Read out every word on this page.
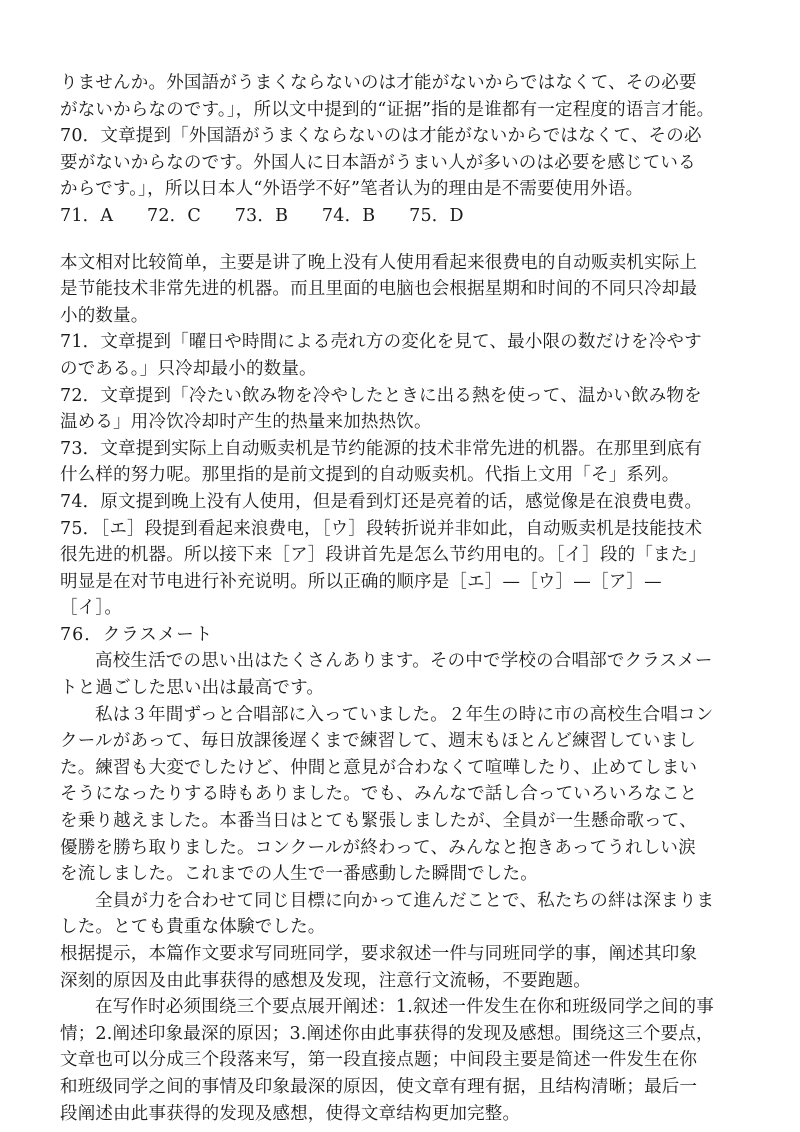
りませんか。外国語がうまくならないのは才能がないからではなくて、その必要

がないからなのです。」，所以文中提到的“证据”指的是谁都有一定程度的语言才能。

70．文章提到「外国語がうまくならないのは才能がないからではなくて、その必

要がないからなのです。外国人に日本語がうまい人が多いのは必要を感じている

からです。」，所以日本人“外语学不好”笔者认为的理由是不需要使用外语。

71．A 72．C 73．B 74．B 75．D

本文相对比较简单，主要是讲了晚上没有人使用看起来很费电的自动贩卖机实际上

是节能技术非常先进的机器。而且里面的电脑也会根据星期和时间的不同只冷却最

小的数量。

71．文章提到「曜日や時間による売れ方の変化を見て、最小限の数だけを冷やす

のである。」只冷却最小的数量。

72．文章提到「冷たい飲み物を冷やしたときに出る熱を使って、温かい飲み物を

温める」用冷饮冷却时产生的热量来加热热饮。

73．文章提到实际上自动贩卖机是节约能源的技术非常先进的机器。在那里到底有

什么样的努力呢。那里指的是前文提到的自动贩卖机。代指上文用「そ」系列。

74．原文提到晚上没有人使用，但是看到灯还是亮着的话，感觉像是在浪费电费。

75．［エ］段提到看起来浪费电，［ウ］段转折说并非如此，自动贩卖机是技能技术

很先进的机器。所以接下来［ア］段讲首先是怎么节约用电的。［イ］段的「また」

明显是在对节电进行补充说明。所以正确的顺序是［エ］—［ウ］—［ア］—

［イ］。

76．クラスメート

高校生活での思い出はたくさんあります。その中で学校の合唱部でクラスメー

トと過ごした思い出は最高です。

私は３年間ずっと合唱部に入っていました。２年生の時に市の高校生合唱コン

クールがあって、毎日放課後遅くまで練習して、週末もほとんど練習していまし

た。練習も大変でしたけど、仲間と意見が合わなくて喧嘩したり、止めてしまい

そうになったりする時もありました。でも、みんなで話し合っていろいろなこと

を乗り越えました。本番当日はとても緊張しましたが、全員が一生懸命歌って、

優勝を勝ち取りました。コンクールが終わって、みんなと抱きあってうれしい涙

を流しました。これまでの人生で一番感動した瞬間でした。

全員が力を合わせて同じ目標に向かって進んだことで、私たちの絆は深まりま

した。とても貴重な体験でした。

根据提示，本篇作文要求写同班同学，要求叙述一件与同班同学的事，阐述其印象

深刻的原因及由此事获得的感想及发现，注意行文流畅，不要跑题。

在写作时必须围绕三个要点展开阐述：1.叙述一件发生在你和班级同学之间的事

情；2.阐述印象最深的原因；3.阐述你由此事获得的发现及感想。围绕这三个要点，

文章也可以分成三个段落来写，第一段直接点题；中间段主要是简述一件发生在你

和班级同学之间的事情及印象最深的原因，使文章有理有据，且结构清晰；最后一

段阐述由此事获得的发现及感想，使得文章结构更加完整。
